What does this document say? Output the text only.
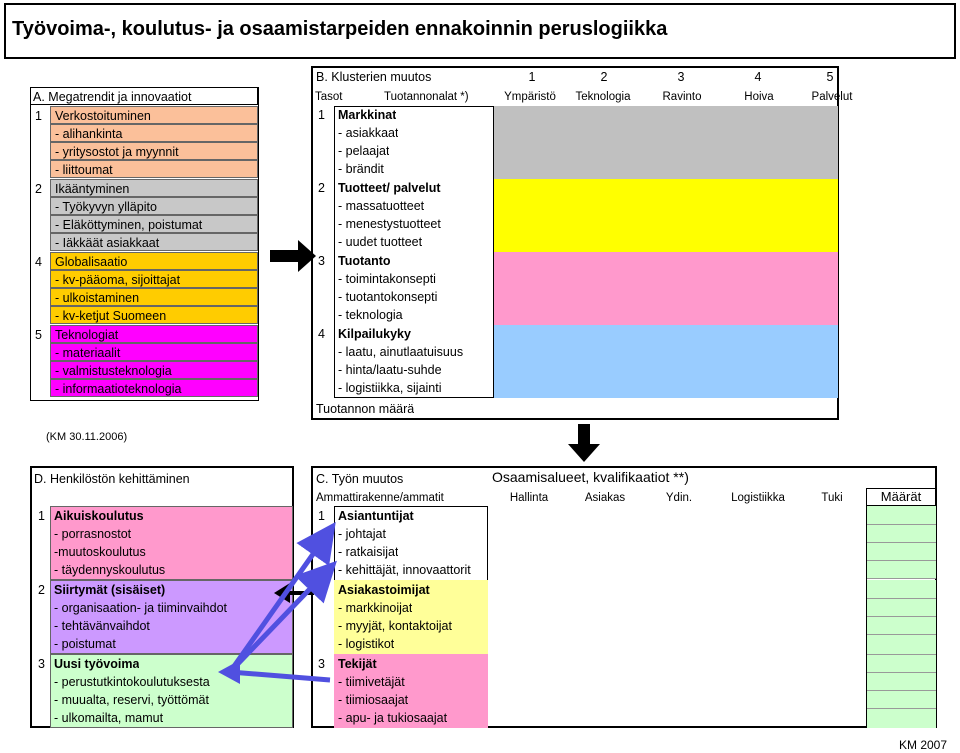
Työvoima-, koulutus- ja osaamistarpeiden ennakoinnin peruslogiikka
A. Megatrendit ja innovaatiot
1	Verkostoituminen
- alihankinta
- yritysostot ja myynnit
- liittoumat
2	Ikääntyminen
- Työkyvyn ylläpito
- Eläköttyminen, poistumat
- Iäkkäät asiakkaat
4	Globalisaatio
- kv-pääoma, sijoittajat
- ulkoistaminen
- kv-ketjut Suomeen
5	Teknologiat
- materiaalit
- valmistusteknologia
- informaatioteknologia
(KM 30.11.2006)
B. Klusterien muutos	1	2	3	4	5
Tasot	Tuotannonalat *)	Ympäristö	Teknologia	Ravinto	Hoiva	Palvelut
1 Markkinat
- asiakkaat
- pelaajat
- brändit
2 Tuotteet/ palvelut
- massatuotteet
- menestystuotteet
- uudet tuotteet
3 Tuotanto
- toimintakonsepti
- tuotantokonsepti
- teknologia
4 Kilpailukyky
- laatu, ainutlaatuisuus
- hinta/laatu-suhde
- logistiikka, sijainti
Tuotannon määrä
C. Työn muutos	Osaamisalueet, kvalifikaatiot **)
Ammattirakenne/ammatit	Hallinta	Asiakas	Ydin.	Logistiikka	Tuki	Määrät
1 Asiantuntijat
- johtajat
- ratkaisijat
- kehittäjät, innovaattorit
2 Asiakastoimijat
- markkinoijat
- myyjät, kontaktoijat
- logistikot
3 Tekijät
- tiimivetäjät
- tiimiosaajat
- apu- ja tukiosaajat
D. Henkilöstön kehittäminen
1 Aikuiskoulutus
- porrasnostot
-muutoskoulutus
- täydennyskoulutus
2 Siirtymät (sisäiset)
- organisaation- ja tiiminvaihdot
- tehtävänvaihdot
- poistumat
3 Uusi työvoima
- perustutkintokoulutuksesta
- muualta, reservi, työttömät
- ulkomailta, mamut
KM 2007
